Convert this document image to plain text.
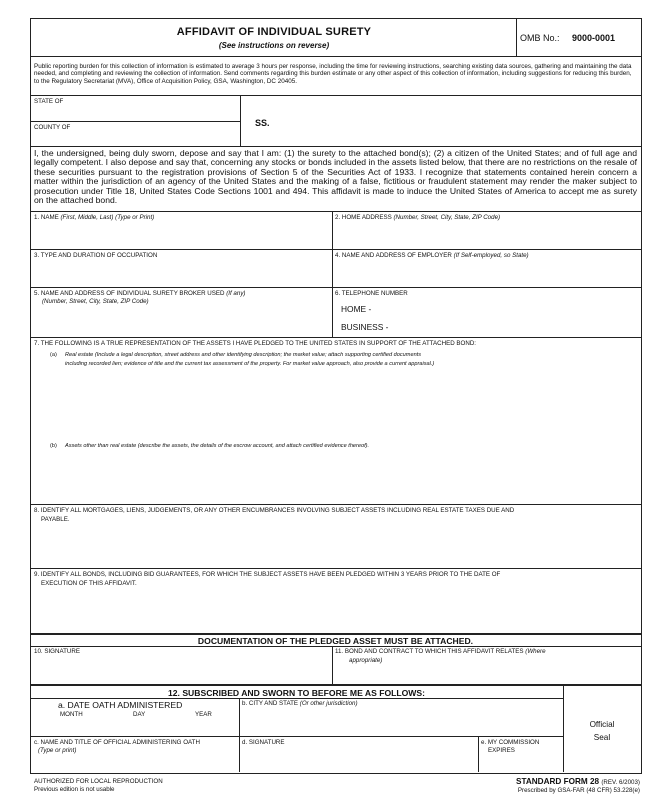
AFFIDAVIT OF INDIVIDUAL SURETY
(See instructions on reverse)
OMB No.: 9000-0001
Public reporting burden for this collection of information is estimated to average 3 hours per response, including the time for reviewing instructions, searching existing data sources, gathering and maintaining the data needed, and completing and reviewing the collection of information. Send comments regarding this burden estimate or any other aspect of this collection of information, including suggestions for reducing this burden, to the Regulatory Secretariat (MVA), Office of Acquisition Policy, GSA, Washington, DC 20405.
STATE OF
COUNTY OF	SS.
I, the undersigned, being duly sworn, depose and say that I am: (1) the surety to the attached bond(s); (2) a citizen of the United States; and of full age and legally competent. I also depose and say that, concerning any stocks or bonds included in the assets listed below, that there are no restrictions on the resale of these securities pursuant to the registration provisions of Section 5 of the Securities Act of 1933. I recognize that statements contained herein concern a matter within the jurisdiction of an agency of the United States and the making of a false, fictitious or fraudulent statement may render the maker subject to prosecution under Title 18, United States Code Sections 1001 and 494. This affidavit is made to induce the United States of America to accept me as surety on the attached bond.
1. NAME (First, Middle, Last) (Type or Print)	2. HOME ADDRESS (Number, Street, City, State, ZIP Code)
3. TYPE AND DURATION OF OCCUPATION	4. NAME AND ADDRESS OF EMPLOYER (If Self-employed, so State)
5. NAME AND ADDRESS OF INDIVIDUAL SURETY BROKER USED (If any)
(Number, Street, City, State, ZIP Code)
6. TELEPHONE NUMBER
HOME -
BUSINESS -
7. THE FOLLOWING IS A TRUE REPRESENTATION OF THE ASSETS I HAVE PLEDGED TO THE UNITED STATES IN SUPPORT OF THE ATTACHED BOND:
(a) Real estate (Include a legal description, street address and other identifying description; the market value; attach supporting certified documents
including recorded lien; evidence of title and the current tax assessment of the property. For market value approach, also provide a current appraisal.)
(b) Assets other than real estate (describe the assets, the details of the escrow account, and attach certified evidence thereof).
8. IDENTIFY ALL MORTGAGES, LIENS, JUDGEMENTS, OR ANY OTHER ENCUMBRANCES INVOLVING SUBJECT ASSETS INCLUDING REAL ESTATE TAXES DUE AND
PAYABLE.
9. IDENTIFY ALL BONDS, INCLUDING BID GUARANTEES, FOR WHICH THE SUBJECT ASSETS HAVE BEEN PLEDGED WITHIN 3 YEARS PRIOR TO THE DATE OF
EXECUTION OF THIS AFFIDAVIT.
DOCUMENTATION OF THE PLEDGED ASSET MUST BE ATTACHED.
10. SIGNATURE	11. BOND AND CONTRACT TO WHICH THIS AFFIDAVIT RELATES (Where
appropriate)
12. SUBSCRIBED AND SWORN TO BEFORE ME AS FOLLOWS:
a. DATE OATH ADMINISTERED
MONTH	DAY	YEAR
b. CITY AND STATE (Or other jurisdiction)
c. NAME AND TITLE OF OFFICIAL ADMINISTERING OATH
(Type or print)
d. SIGNATURE	e. MY COMMISSION
EXPIRES
Official
Seal
AUTHORIZED FOR LOCAL REPRODUCTION
Previous edition is not usable
STANDARD FORM 28 (REV. 6/2003)
Prescribed by GSA-FAR (48 CFR) 53.228(e)
